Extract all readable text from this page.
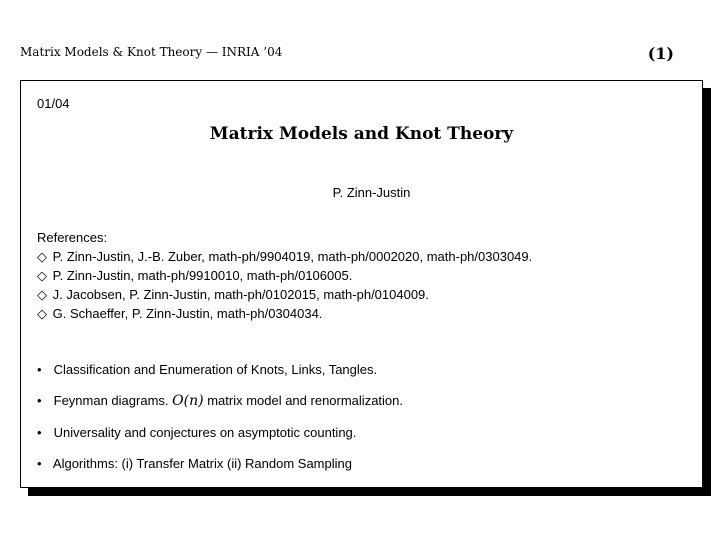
Matrix Models & Knot Theory — INRIA ’04	(1)
01/04
Matrix Models and Knot Theory
P. Zinn-Justin
References:
◇ P. Zinn-Justin, J.-B. Zuber, math-ph/9904019, math-ph/0002020, math-ph/0303049.
◇ P. Zinn-Justin, math-ph/9910010, math-ph/0106005.
◇ J. Jacobsen, P. Zinn-Justin, math-ph/0102015, math-ph/0104009.
◇ G. Schaeffer, P. Zinn-Justin, math-ph/0304034.
• Classification and Enumeration of Knots, Links, Tangles.
• Feynman diagrams. O(n) matrix model and renormalization.
• Universality and conjectures on asymptotic counting.
• Algorithms: (i) Transfer Matrix (ii) Random Sampling
